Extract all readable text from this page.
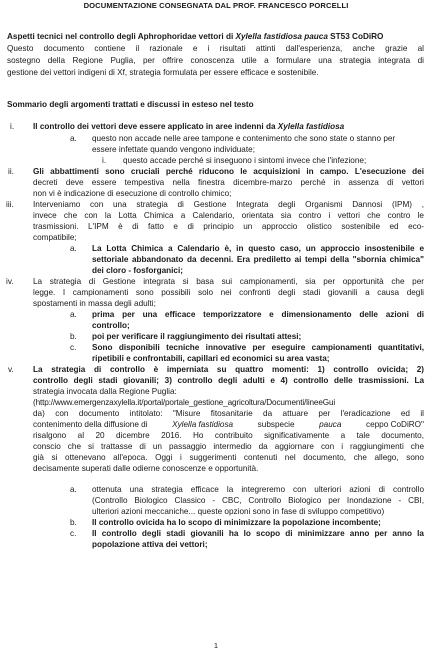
DOCUMENTAZIONE CONSEGNATA DAL PROF. FRANCESCO PORCELLI
Aspetti tecnici nel controllo degli Aphrophoridae vettori di Xylella fastidiosa pauca ST53 CoDiRO
Questo documento contiene il razionale e i risultati attinti dall'esperienza, anche grazie al
sostegno della Regione Puglia, per offrire conoscenza utile a formulare una strategia integrata di
gestione dei vettori indigeni di Xf, strategia formulata per essere efficace e sostenibile.
Sommario degli argomenti trattati e discussi in esteso nel testo
i. Il controllo dei vettori deve essere applicato in aree indenni da Xylella fastidiosa
a. questo non accade nelle aree tampone e contenimento che sono state o stanno per
essere infettate quando vengono individuate;
i. questo accade perché si inseguono i sintomi invece che l'infezione;
ii. Gli abbattimenti sono cruciali perché riducono le acquisizioni in campo. L'esecuzione dei
decreti deve essere tempestiva nella finestra dicembre-marzo perché in assenza di vettori
non vi è indicazione di esecuzione di controllo chimico;
iii. Interveniamo con una strategia di Gestione Integrata degli Organismi Dannosi (IPM) ,
invece che con la Lotta Chimica a Calendario, orientata sia contro i vettori che contro le
trasmissioni. L'IPM è di fatto e di principio un approccio olistico sostenibile ed eco-
compatibile;
a. La Lotta Chimica a Calendario è, in questo caso, un approccio insostenibile e
settoriale abbandonato da decenni. Era prediletto ai tempi della "sbornia chimica"
dei cloro - fosforganici;
iv. La strategia di Gestione integrata si basa sui campionamenti, sia per opportunità che per
legge. I campionamenti sono possibili solo nei confronti degli stadi giovanili a causa degli
spostamenti in massa degli adulti;
a. prima per una efficace temporizzatore e dimensionamento delle azioni di
controllo;
b. poi per verificare il raggiungimento dei risultati attesi;
c. Sono disponibili tecniche innovative per eseguire campionamenti quantitativi,
ripetibili e confrontabili, capillari ed economici su area vasta;
v. La strategia di controllo è imperniata su quattro momenti: 1) controllo ovicida; 2)
controllo degli stadi giovanili; 3) controllo degli adulti e 4) controllo delle trasmissioni. La
strategia invocata dalla Regione Puglia:
(http://www.emergenzaxylella.it/portal/portale_gestione_agricoltura/Documenti/lineeGui
da) con documento intitolato: "Misure fitosanitarie da attuare per l'eradicazione ed il
contenimento della diffusione di	Xylella fastidiosa	subspecie	pauca	ceppo CoDiRO"
risalgono al 20 dicembre 2016. Ho contribuito significativamente a tale documento,
conscio che si trattasse di un passaggio intermedio da aggiornare con i raggiungimenti che
già si ottenevano all'epoca. Oggi i suggerimenti contenuti nel documento, che allego, sono
decisamente superati dalle odierne conoscenze e opportunità.
a. ottenuta una strategia efficace la integreremo con ulteriori azioni di controllo
(Controllo Biologico Classico - CBC, Controllo Biologico per Inondazione - CBI,
ulteriori azioni meccaniche... queste opzioni sono in fase di sviluppo competitivo)
b. Il controllo ovicida ha lo scopo di minimizzare la popolazione incombente;
c. Il controllo degli stadi giovanili ha lo scopo di minimizzare anno per anno la
popolazione attiva dei vettori;
1
